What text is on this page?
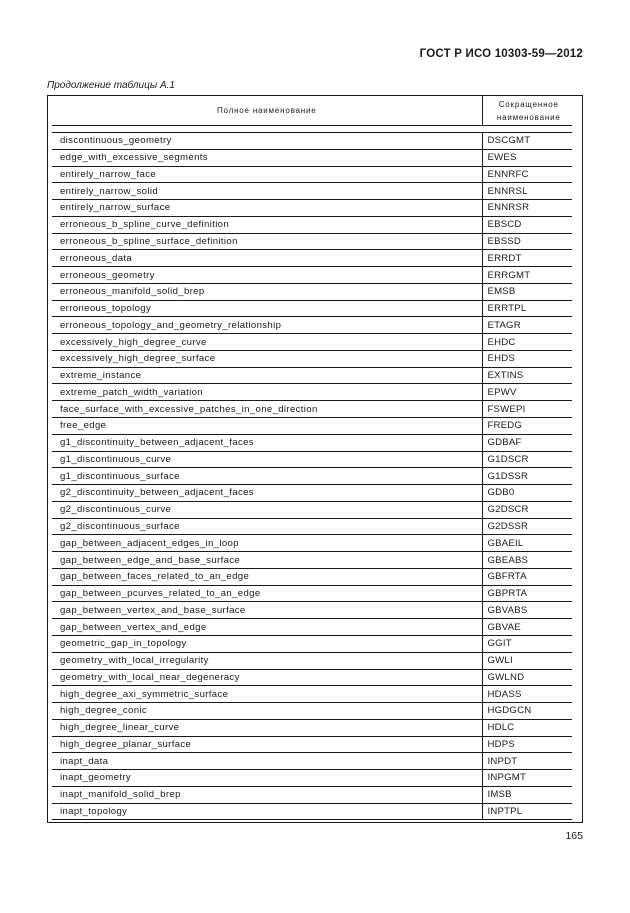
ГОСТ Р ИСО 10303-59—2012
Продолжение таблицы А.1
Полное наименование	Сокращенное
наименование

discontinuous_geometry	DSCGMT
edge_with_excessive_segments	EWES
entirely_narrow_face	ENNRFC
entirely_narrow_solid	ENNRSL
entirely_narrow_surface	ENNRSR
erroneous_b_spline_curve_definition	EBSCD
erroneous_b_spline_surface_definition	EBSSD
erroneous_data	ERRDT
erroneous_geometry	ERRGMT
erroneous_manifold_solid_brep	EMSB
erroneous_topology	ERRTPL
erroneous_topology_and_geometry_relationship	ETAGR
excessively_high_degree_curve	EHDC
excessively_high_degree_surface	EHDS
extreme_instance	EXTINS
extreme_patch_width_variation	EPWV
face_surface_with_excessive_patches_in_one_direction	FSWEPI
free_edge	FREDG
g1_discontinuity_between_adjacent_faces	GDBAF
g1_discontinuous_curve	G1DSCR
g1_discontinuous_surface	G1DSSR
g2_discontinuity_between_adjacent_faces	GDB0
g2_discontinuous_curve	G2DSCR
g2_discontinuous_surface	G2DSSR
gap_between_adjacent_edges_in_loop	GBAEIL
gap_between_edge_and_base_surface	GBEABS
gap_between_faces_related_to_an_edge	GBFRTA
gap_between_pcurves_related_to_an_edge	GBPRTA
gap_between_vertex_and_base_surface	GBVABS
gap_between_vertex_and_edge	GBVAE
geometric_gap_in_topology	GGIT
geometry_with_local_irregularity	GWLI
geometry_with_local_near_degeneracy	GWLND
high_degree_axi_symmetric_surface	HDASS
high_degree_conic	HGDGCN
high_degree_linear_curve	HDLC
high_degree_planar_surface	HDPS
inapt_data	INPDT
inapt_geometry	INPGMT
inapt_manifold_solid_brep	IMSB
inapt_topology	INPTPL
165
